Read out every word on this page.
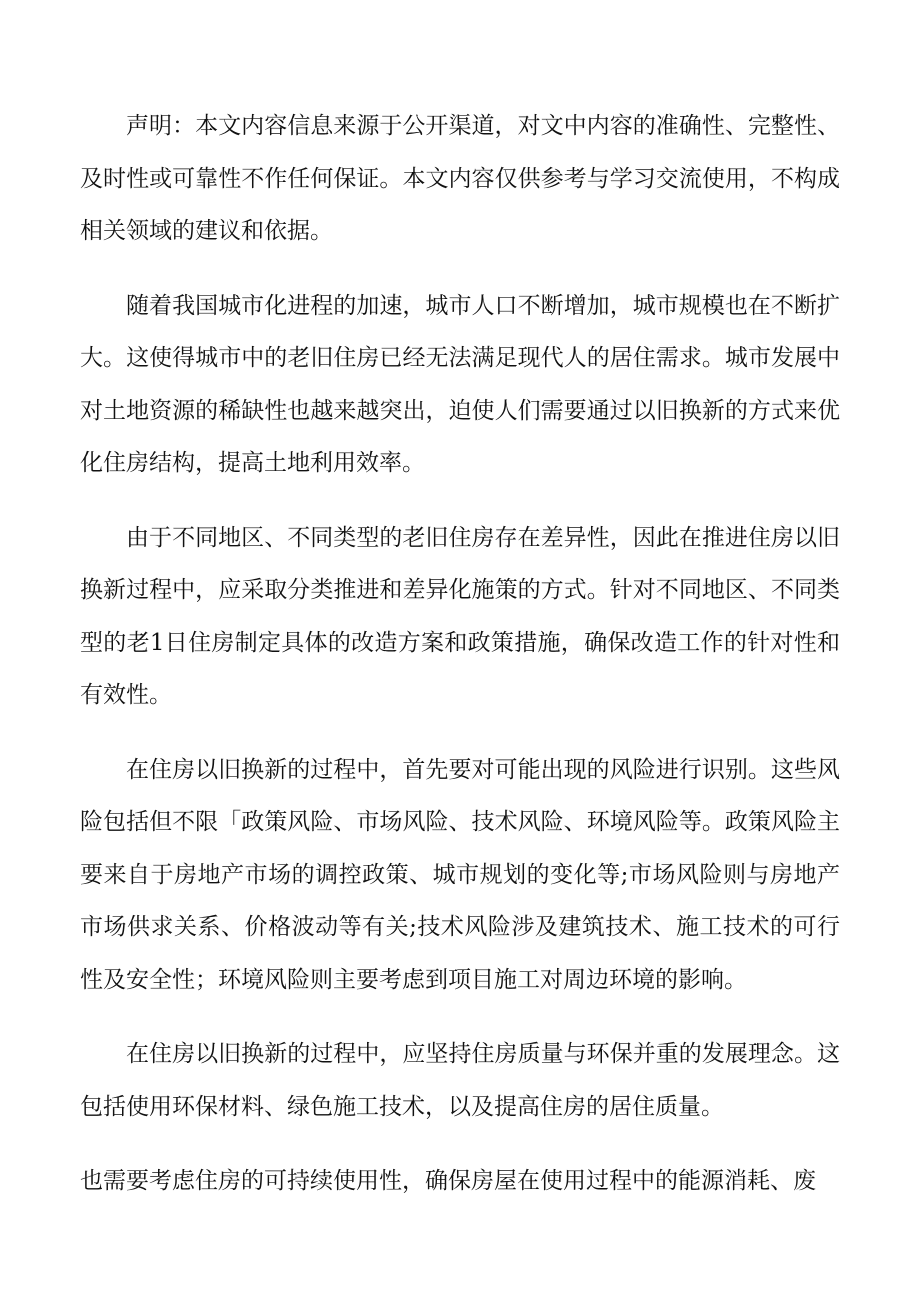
声明：本文内容信息来源于公开渠道，对文中内容的准确性、完整性、及时性或可靠性不作任何保证。本文内容仅供参考与学习交流使用，不构成相关领域的建议和依据。

随着我国城市化进程的加速，城市人口不断增加，城市规模也在不断扩大。这使得城市中的老旧住房已经无法满足现代人的居住需求。城市发展中对土地资源的稀缺性也越来越突出，迫使人们需要通过以旧换新的方式来优化住房结构，提高土地利用效率。

由于不同地区、不同类型的老旧住房存在差异性，因此在推进住房以旧换新过程中，应采取分类推进和差异化施策的方式。针对不同地区、不同类型的老1日住房制定具体的改造方案和政策措施，确保改造工作的针对性和有效性。

在住房以旧换新的过程中，首先要对可能出现的风险进行识别。这些风险包括但不限「政策风险、市场风险、技术风险、环境风险等。政策风险主要来自于房地产市场的调控政策、城市规划的变化等;市场风险则与房地产市场供求关系、价格波动等有关;技术风险涉及建筑技术、施工技术的可行性及安全性；环境风险则主要考虑到项目施工对周边环境的影响。

在住房以旧换新的过程中，应坚持住房质量与环保并重的发展理念。这包括使用环保材料、绿色施工技术，以及提高住房的居住质量。

也需要考虑住房的可持续使用性，确保房屋在使用过程中的能源消耗、废
